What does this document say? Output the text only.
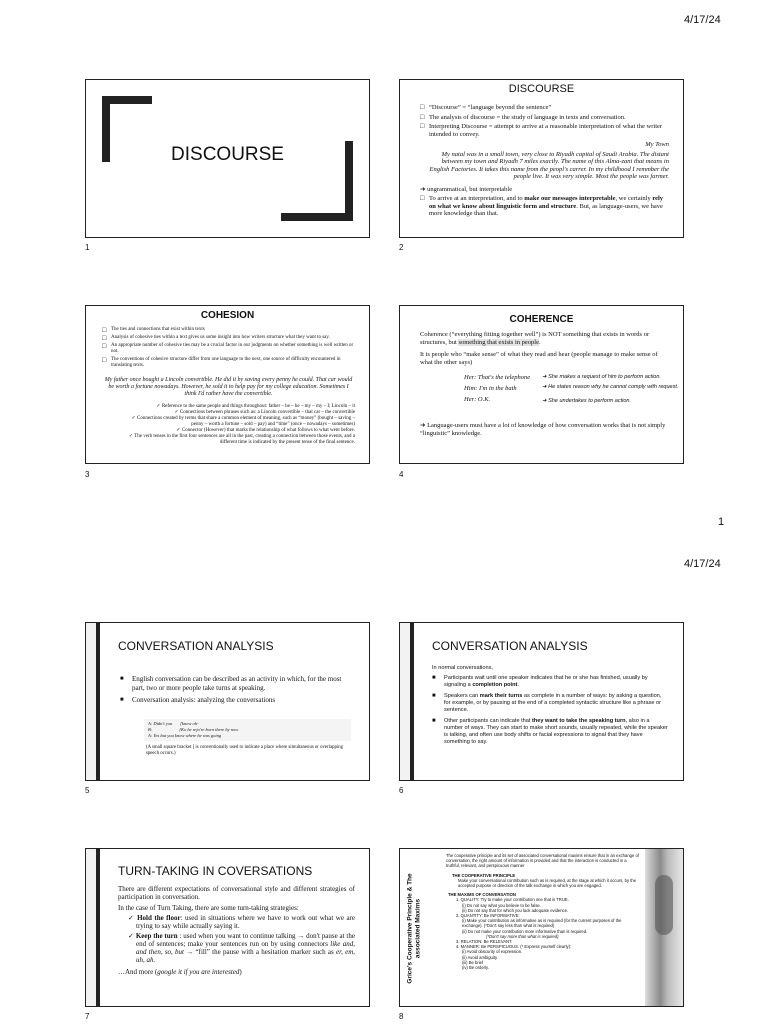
4/17/24
DISCOURSE
1
DISCOURSE
□ “Discourse” = “language beyond the sentence”
□ The analysis of discourse = the study of language in texts and conversation.
□ Interpreting Discourse = attempt to arrive at a reasonable interpretation of what the writer intended to convey.
My Town
My natal was in a small town, very close to Riyadh capital of Saudi Arabia. The distant between my town and Riyadh 7 miles exactly. The name of this Alma-zani that means in English Factories. It takes this name from the peopl's carrer. In my childhood I remmber the people live. It was very simple. Most the people was farmer.
➜ ungrammatical, but interpretable
□ To arrive at an interpretation, and to make our messages interpretable, we certainly rely on what we know about linguistic form and structure. But, as language-users, we have more knowledge than that.
2
COHESION
□ The ties and connections that exist within texts
□ Analysis of cohesive ties within a text gives us some insight into how writers structure what they want to say.
□ An appropriate number of cohesive ties may be a crucial factor in our judgments on whether something is well written or not.
□ The conventions of cohesive structure differ from one language to the next, one source of difficulty encountered in translating texts.
My father once bought a Lincoln convertible. He did it by saving every penny he could. That car would be worth a fortune nowadays. However, he sold it to help pay for my college education. Sometimes I think I'd rather have the convertible.
✓ Reference to the same people and things throughout: father – he – he – my – my – I; Lincoln – it
✓ Connections between phrases such as: a Lincoln convertible – that car – the convertible
✓ Connections created by terms that share a common element of meaning, such as “money” (bought – saving – penny – worth a fortune – sold – pay) and “time” (once – nowadays – sometimes)
✓ Connector (However) that marks the relationship of what follows to what went before.
✓ The verb tenses in the first four sentences are all in the past, creating a connection between those events, and a different time is indicated by the present tense of the final sentence.
3
COHERENCE
Coherence (“everything fitting together well”) is NOT something that exists in words or structures, but something that exists in people.
It is people who “make sense” of what they read and hear (people manage to make sense of what the other says)
Her: That's the telephone
Him: I'm in the bath
Her: O.K.
➜ She makes a request of him to perform action.
➜ He states reason why he cannot comply with request.
➜ She undertakes to perform action.
➜ Language-users must have a lot of knowledge of how conversation works that is not simply “linguistic” knowledge.
4
1
4/17/24
CONVERSATION ANALYSIS
■ English conversation can be described as an activity in which, for the most part, two or more people take turns at speaking.
■ Conversation analysis: analyzing the conversations
A: Didn't you       [know oh-
B:                        [Ko he rejo're born there by now
A: Yes but you know where he was going
(A small square bracket [ is conventionally used to indicate a place where simultaneous or overlapping speech occurs.)
5
CONVERSATION ANALYSIS
In normal conversations,
■ Participants wait until one speaker indicates that he or she has finished, usually by signaling a completion point.
■ Speakers can mark their turns as complete in a number of ways: by asking a question, for example, or by pausing at the end of a completed syntactic structure like a phrase or sentence.
■ Other participants can indicate that they want to take the speaking turn, also in a number of ways. They can start to make short sounds, usually repeated, while the speaker is talking, and often use body shifts or facial expressions to signal that they have something to say.
6
TURN-TAKING IN COVERSATIONS
There are different expectations of conversational style and different strategies of participation in conversation.
In the case of Turn Taking, there are some turn-taking strategies:
✓ Hold the floor: used in situations where we have to work out what we are trying to say while actually saying it.
✓ Keep the turn : used when you want to continue talking → don't pause at the end of sentences; make your sentences run on by using connectors like and, and then, so, but → “fill” the pause with a hesitation marker such as er, em, uh, ah.
…And more (google it if you are interested)
7
Grice's Cooperative Principle & The associated Maxims
The cooperative principle and its set of associated conversational maxims ensure that in an exchange of conversation, the right amount of information is provided and that the interaction is conducted in a truthful, relevant, and perspicuous manner
THE COOPERATIVE PRINCIPLE
Make your conversational contribution such as is required, at the stage at which it occurs, by the accepted purpose or direction of the talk exchange in which you are engaged.
THE MAXIMS OF CONVERSATION
1. QUALITY: Try to make your contribution one that is TRUE.
(i) Do not say what you believe to be false.
(ii) Do not say that for which you lack adequate evidence.
2. QUANTITY: Be INFORMATIVE:
(i) Make your contribution as informative as is required (for the current purposes of the exchange). (*Don't say less than what is required)
(ii) Do not make your contribution more informative than is required.
(*Don't say more than what is required)
3. RELATION: Be RELEVANT.
4. MANNER: Be PERSPICUOUS. (* Express yourself clearly):
(i) Avoid obscurity of expression.
(ii) Avoid ambiguity.
(iii) Be brief
(iv) Be orderly.
8
